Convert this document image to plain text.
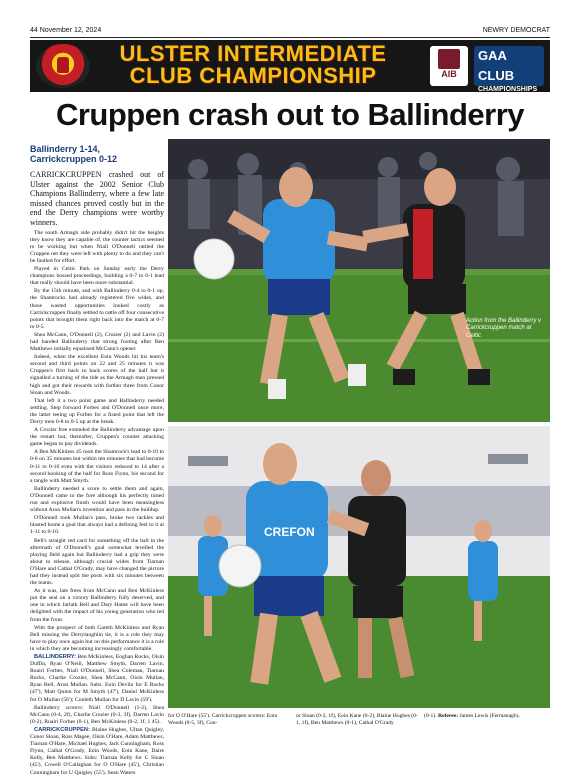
44 November 12, 2024	NEWRY DEMOCRAT
ULSTER INTERMEDIATE
CLUB CHAMPIONSHIP	AIB
GAA CLUB
CHAMPIONSHIPS
Cruppen crash out to Ballinderry
Ballinderry 1-14, Carrickcruppen 0-12
CARRICKCRUPPEN crashed out of Ulster against the 2002 Senior Club Champions Ballinderry, where a few late missed chances proved costly but in the end the Derry champions were worthy winners.

The south Armagh side probably didn't hit the heights they know they are capable of, the counter tactics seemed to be working but when Niall O'Donnell rattled the Cruppen net they were left with plenty to do and they can't be faulted for effort.

Played in Celtic Park on Sunday early the Derry champions bossed proceedings, building a 0-7 to 0-1 lead that really should have been more substantial.

By the 15th minute, and with Ballinderry 0-4 to 0-1 up, the Shamrocks had already registered five wides, and those wasted opportunities looked costly as Carrickcruppen finally settled to rattle off four consecutive points that brought them right back into the match at 0-7 to 0-5.

Shea McCann, O'Donnell (2), Crozier (2) and Lavin (2) had handed Ballinderry that strong footing after Ben Matthews initially equalised McCann's opener.

Indeed, when the excellent Eoin Woods hit his team's second and third points on 22 and 25 minutes it was Cruppen's first back to back scores of the half but it signalled a turning of the tide as the Armagh men pressed high and got their rewards with further three from Conor Sloan and Woods.

That left it a two point game and Ballinderry needed settling. Step forward Forbes and O'Donnell once more, the latter teeing up Forbes for a fisted point that left the Derry men 0-8 to 0-5 up at the break.

A Crozier free extended the Ballinderry advantage upon the restart but, thereafter, Cruppen's counter attacking game began to pay dividends.

A Ben McKinless 45 took the Shamrock's lead to 0-10 to 0-6 on 35 minutes but within ten minutes that had become 0-11 to 0-10 even with the visitors reduced to 14 after a second booking of the half for Ross Flynn, his second for a tangle with Matt Smyth.

Ballinderry needed a score to settle them and again, O'Donnell came to the fore although his perfectly timed run and explosive finish would have been meaningless without Aron Mullan's invention and pass in the buildup.

O'Donnell took Mullan's pass, broke two tackles and blasted home a goal that always had a defining feel to it at 1-11 to 0-10.

Bell's straight red card for something off the ball in the aftermath of O'Donnell's goal somewhat levelled the playing field again but Ballinderry had a grip they were about to release, although crucial wides from Tiarnan O'Hare and Cathal O'Grady, may have changed the picture had they instead split the posts with six minutes between the teams.

As it was, late frees from McCann and Ben McKinless put the seal on a victory Ballinderry fully deserved, and one in which Jarlath Bell and Dary Hame will have been delighted with the impact of his young generation who led from the front.

With the prospect of both Gareth McKinless and Ryan Bell missing the Derrylaughlin tie, it is a role they may have to play once again but on this performance it is a role in which they are becoming increasingly comfortable.

BALLINDERRY: Ben McKinless, Eoghan Rocks, Oisin Duffin, Ryan O'Neill, Matthew Smyth, Darren Lavin, Ruairi Forbes, Niall O'Donnell, Shea Coleman, Tiarnan Rocks, Charlie Crozier, Shea McCann, Oisin Mullan, Ryan Bell, Aron Mullan. Subs: Eoin Devlin for E Rocks (47'), Matt Quinn for M Smyth (47'), Daniel McKinless for O Mullan (56'); Conleth Mullan for D Lavin (59').

Ballinderry scorers: Niall O'Donnell (1-2), Shea McCann (0-4, 2f), Charlie Crozier (0-3, 3f), Darren Lavin (0-2), Ruairi Forbes (0-1), Ben McKinless (0-2, 1f, 1 45).

CARRICKCRUPPEN: Blaine Hughes, Ultan Quigley, Conor Sloan, Ross Magee, Oisin O'Hare, Adam Matthews, Tiarnan O'Hare, Michael Hughes, Jack Cunningham, Ross Flynn, Cathal O'Grady, Eoin Woods, Eoin Kane, Daire Kelly, Ben Matthews. Subs: Tiarnan Kelly for C Sloan (45'), Cowell O'Callaghan for O O'Hare (45'), Christian Cunningham for U Quigley (55'), Sean Waters

Action from the Ballinderry v Carrickcruppen match at Celtic
CREFON
for O O'Hare (55'). Carrickcruppen scorers: Eoin Woods (0-5, 3f), Con-
or Sloan (0-2, 1f), Eoin Kane (0-2), Blaine Hughes (0-1, 1f), Ben Matthews (0-1), Cathal O'Grady
(0-1). Referee: James Lewis (Fermanagh).
